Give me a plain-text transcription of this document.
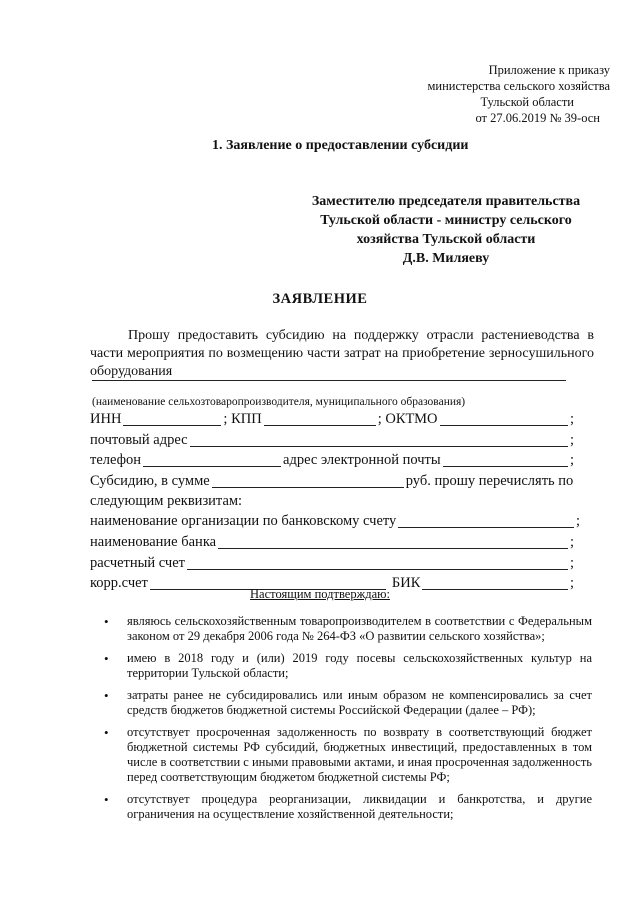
Приложение к приказу
министерства сельского хозяйства
Тульской области
от 27.06.2019 № 39-осн
1. Заявление о предоставлении субсидии
Заместителю председателя правительства
Тульской области - министру сельского
хозяйства Тульской области
Д.В. Миляеву
ЗАЯВЛЕНИЕ
Прошу предоставить субсидию на поддержку отрасли растениеводства в части мероприятия по возмещению части затрат на приобретение зерносушильного оборудования
(наименование сельхозтоваропроизводителя, муниципального образования)
ИНН	; КПП	; ОКТМО	;
почтовый адрес	;
телефон	адрес электронной почты	;
Субсидию, в сумме	руб. прошу перечислять по
следующим реквизитам:
наименование организации по банковскому счету	;
наименование банка	;
расчетный счет	;
корр.счет	БИК	;
Настоящим подтверждаю:
• являюсь сельскохозяйственным товаропроизводителем в соответствии с Федеральным законом от 29 декабря 2006 года № 264-ФЗ «О развитии сельского хозяйства»;
• имею в 2018 году и (или) 2019 году посевы сельскохозяйственных культур на территории Тульской области;
• затраты ранее не субсидировались или иным образом не компенсировались за счет средств бюджетов бюджетной системы Российской Федерации (далее – РФ);
• отсутствует просроченная задолженность по возврату в соответствующий бюджет бюджетной системы РФ субсидий, бюджетных инвестиций, предоставленных в том числе в соответствии с иными правовыми актами, и иная просроченная задолженность перед соответствующим бюджетом бюджетной системы РФ;
• отсутствует процедура реорганизации, ликвидации и банкротства, и другие ограничения на осуществление хозяйственной деятельности;
